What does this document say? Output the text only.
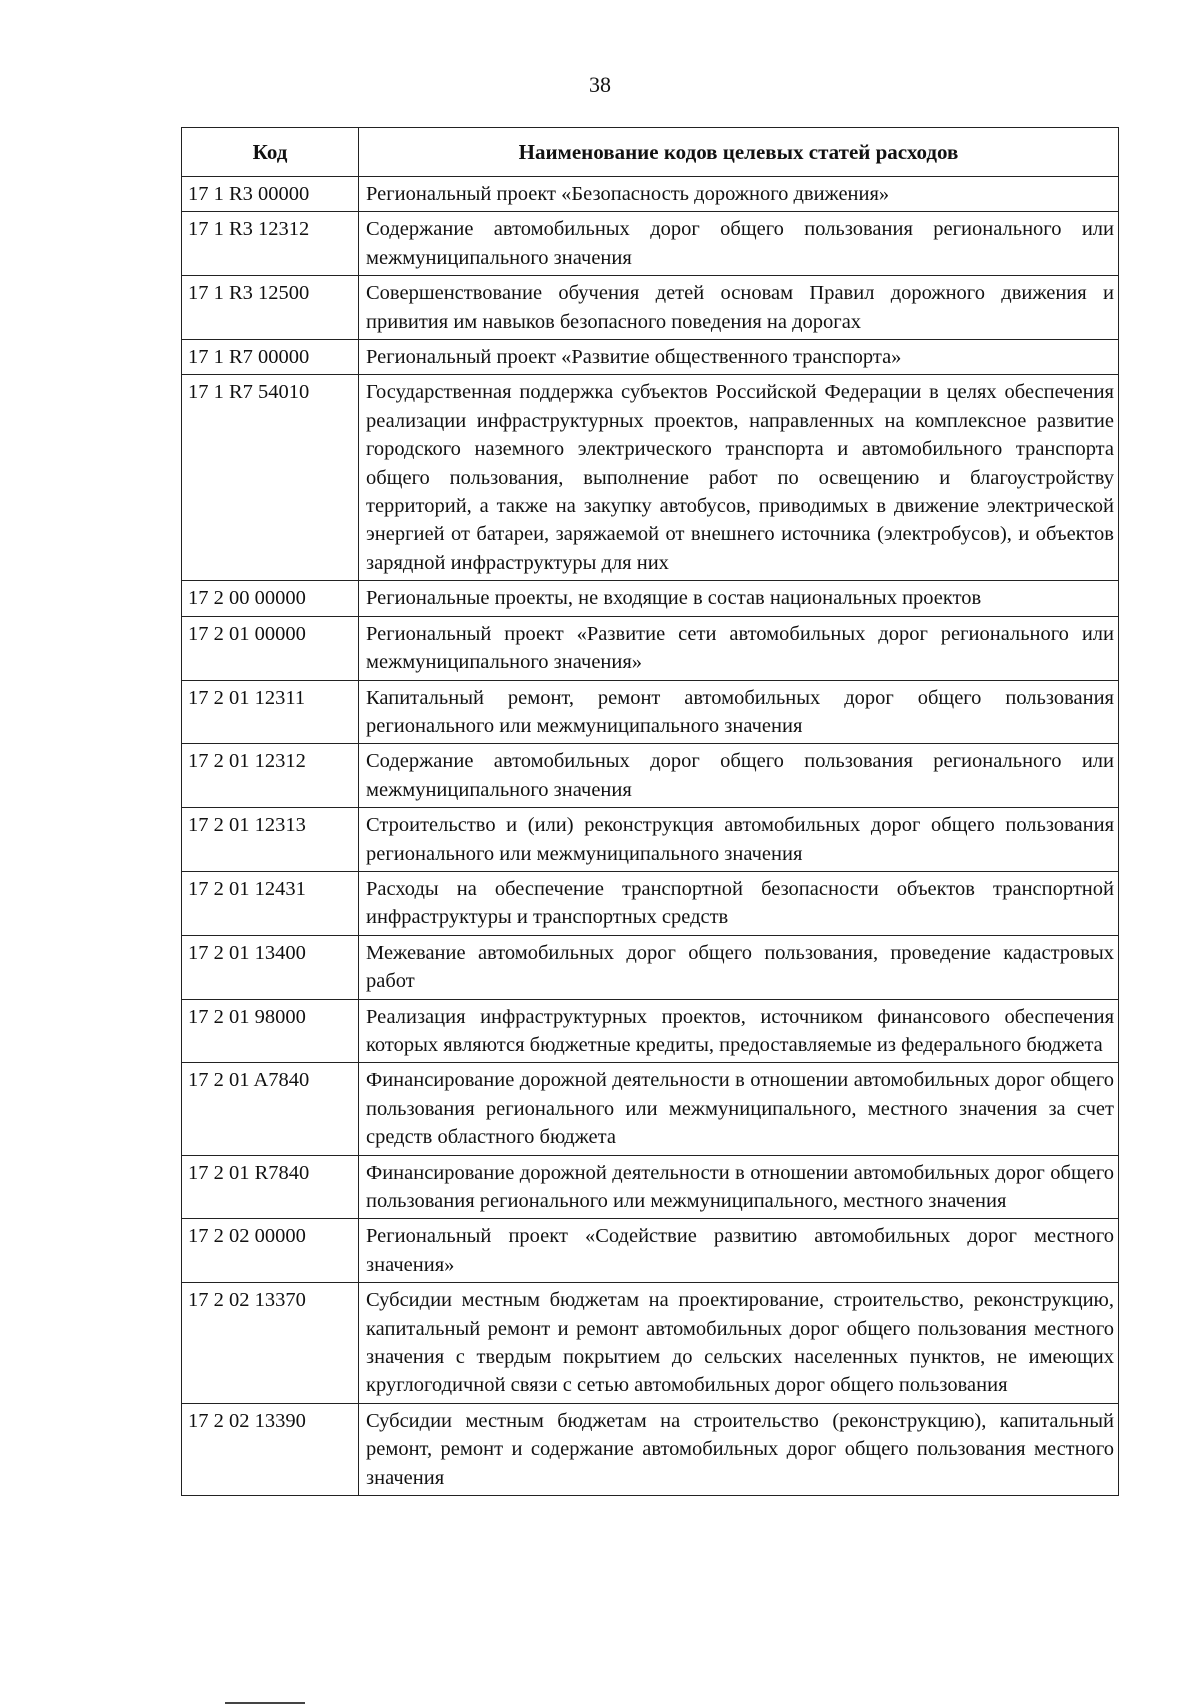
38
Код	Наименование кодов целевых статей расходов
17 1 R3 00000	Региональный проект «Безопасность дорожного движения»
17 1 R3 12312	Содержание автомобильных дорог общего пользования регионального или межмуниципального значения
17 1 R3 12500	Совершенствование обучения детей основам Правил дорожного движения и привития им навыков безопасного поведения на дорогах
17 1 R7 00000	Региональный проект «Развитие общественного транспорта»
17 1 R7 54010	Государственная поддержка субъектов Российской Федерации в целях обеспечения реализации инфраструктурных проектов, направленных на комплексное развитие городского наземного электрического транспорта и автомобильного транспорта общего пользования, выполнение работ по освещению и благоустройству территорий, а также на закупку автобусов, приводимых в движение электрической энергией от батареи, заряжаемой от внешнего источника (электробусов), и объектов зарядной инфраструктуры для них
17 2 00 00000	Региональные проекты, не входящие в состав национальных проектов
17 2 01 00000	Региональный проект «Развитие сети автомобильных дорог регионального или межмуниципального значения»
17 2 01 12311	Капитальный ремонт, ремонт автомобильных дорог общего пользования регионального или межмуниципального значения
17 2 01 12312	Содержание автомобильных дорог общего пользования регионального или межмуниципального значения
17 2 01 12313	Строительство и (или) реконструкция автомобильных дорог общего пользования регионального или межмуниципального значения
17 2 01 12431	Расходы на обеспечение транспортной безопасности объектов транспортной инфраструктуры и транспортных средств
17 2 01 13400	Межевание автомобильных дорог общего пользования, проведение кадастровых работ
17 2 01 98000	Реализация инфраструктурных проектов, источником финансового обеспечения которых являются бюджетные кредиты, предоставляемые из федерального бюджета
17 2 01 A7840	Финансирование дорожной деятельности в отношении автомобильных дорог общего пользования регионального или межмуниципального, местного значения за счет средств областного бюджета
17 2 01 R7840	Финансирование дорожной деятельности в отношении автомобильных дорог общего пользования регионального или межмуниципального, местного значения
17 2 02 00000	Региональный проект «Содействие развитию автомобильных дорог местного значения»
17 2 02 13370	Субсидии местным бюджетам на проектирование, строительство, реконструкцию, капитальный ремонт и ремонт автомобильных дорог общего пользования местного значения с твердым покрытием до сельских населенных пунктов, не имеющих круглогодичной связи с сетью автомобильных дорог общего пользования
17 2 02 13390	Субсидии местным бюджетам на строительство (реконструкцию), капитальный ремонт, ремонт и содержание автомобильных дорог общего пользования местного значения
